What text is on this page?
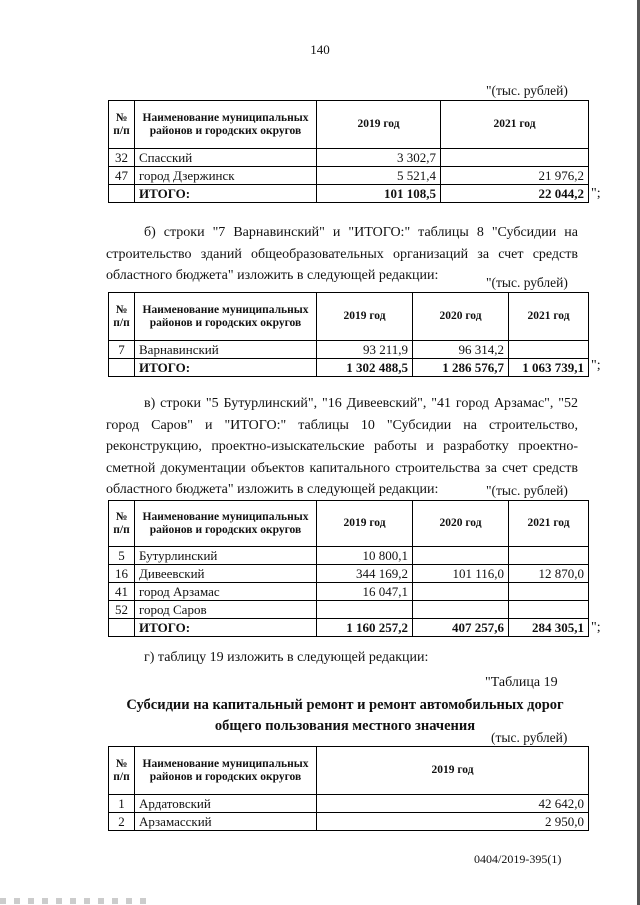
140
"(тыс. рублей)
№
п/п	Наименование муниципальных районов и городских округов	2019 год	2021 год
32	Спасский	3 302,7	
47	город Дзержинск	5 521,4	21 976,2
	ИТОГО:	101 108,5	22 044,2 ";
б) строки "7 Варнавинский" и "ИТОГО:" таблицы 8 "Субсидии на строительство зданий общеобразовательных организаций за счет средств областного бюджета" изложить в следующей редакции:	"(тыс. рублей)
№
п/п	Наименование муниципальных районов и городских округов	2019 год	2020 год	2021 год
7	Варнавинский	93 211,9	96 314,2	
	ИТОГО:	1 302 488,5	1 286 576,7	1 063 739,1 ";
в) строки "5 Бутурлинский", "16 Дивеевский", "41 город Арзамас", "52 город Саров" и "ИТОГО:" таблицы 10 "Субсидии на строительство, реконструкцию, проектно-изыскательские работы и разработку проектно-сметной документации объектов капитального строительства за счет средств областного бюджета" изложить в следующей редакции:	"(тыс. рублей)
№
п/п	Наименование муниципальных районов и городских округов	2019 год	2020 год	2021 год
5	Бутурлинский	10 800,1		
16	Дивеевский	344 169,2	101 116,0	12 870,0
41	город Арзамас	16 047,1		
52	город Саров			
	ИТОГО:	1 160 257,2	407 257,6	284 305,1 ";
г) таблицу 19 изложить в следующей редакции:
"Таблица 19
Субсидии на капитальный ремонт и ремонт автомобильных дорог общего пользования местного значения
(тыс. рублей)
№
п/п	Наименование муниципальных районов и городских округов	2019 год
1	Ардатовский	42 642,0
2	Арзамасский	2 950,0
0404/2019-395(1)
